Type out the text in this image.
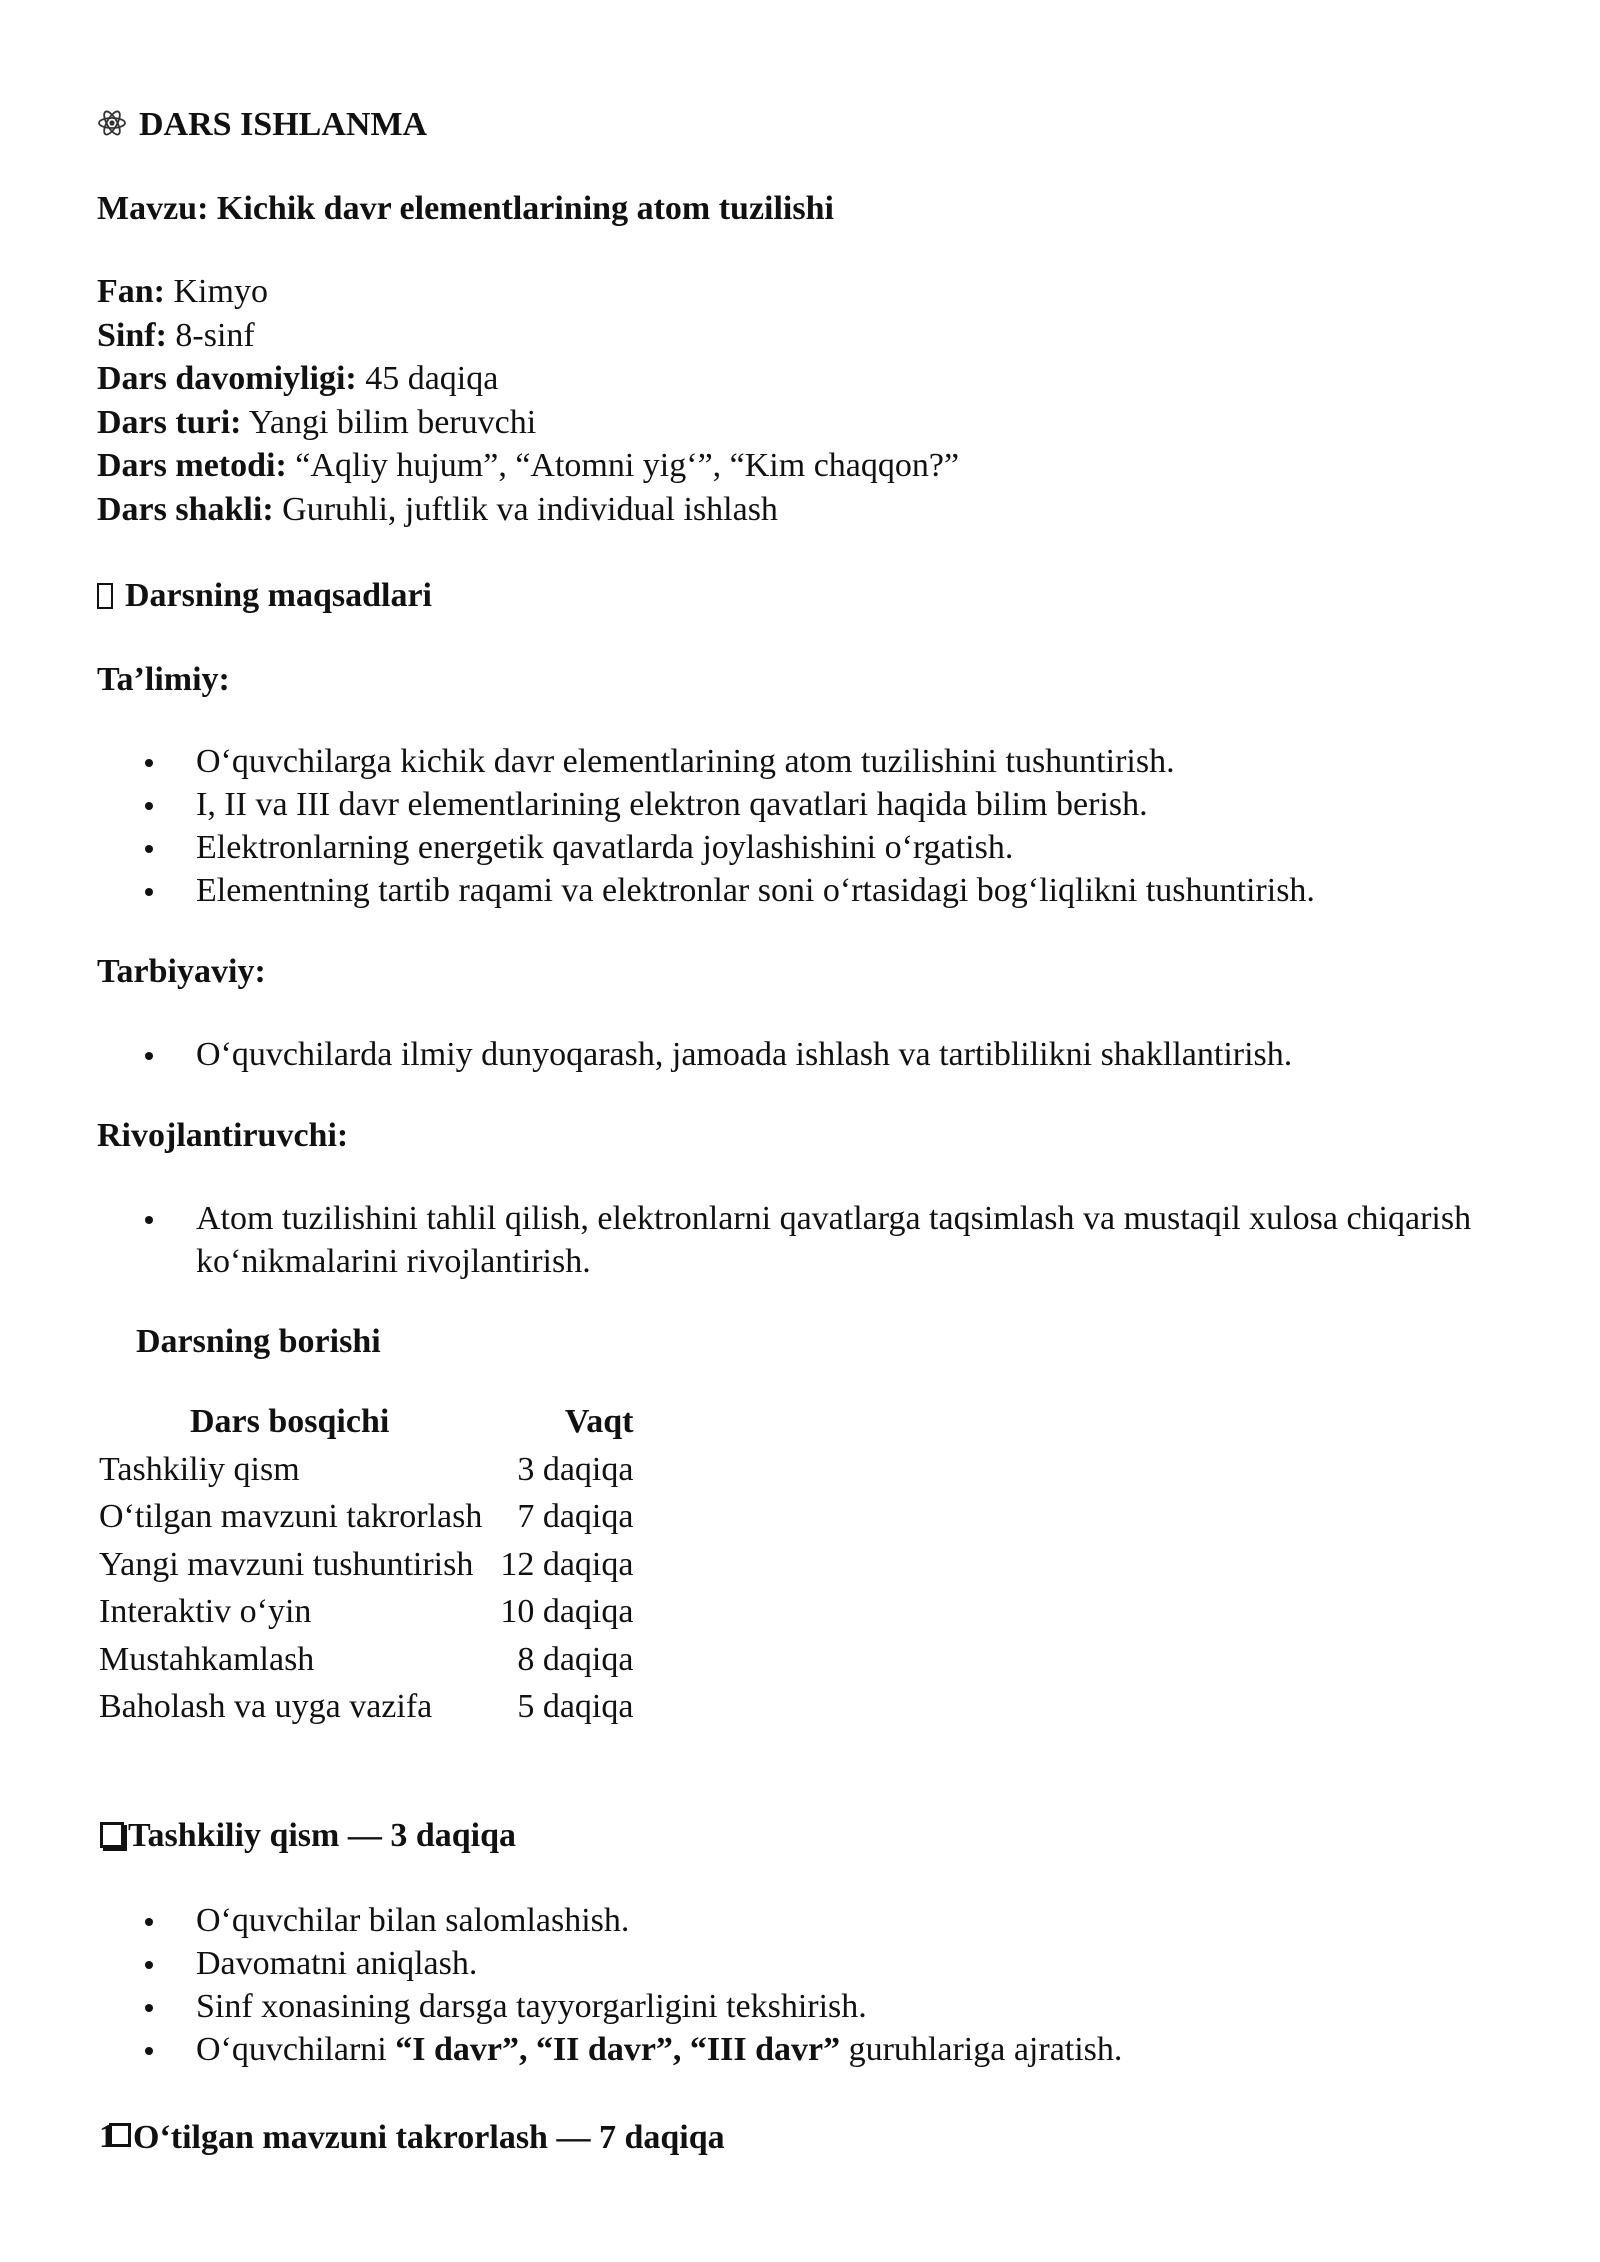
DARS ISHLANMA
Mavzu: Kichik davr elementlarining atom tuzilishi
Fan: Kimyo
Sinf: 8-sinf
Dars davomiyligi: 45 daqiqa
Dars turi: Yangi bilim beruvchi
Dars metodi: “Aqliy hujum”, “Atomni yig‘”, “Kim chaqqon?”
Dars shakli: Guruhli, juftlik va individual ishlash
Darsning maqsadlari
Ta’limiy:
O‘quvchilarga kichik davr elementlarining atom tuzilishini tushuntirish.
I, II va III davr elementlarining elektron qavatlari haqida bilim berish.
Elektronlarning energetik qavatlarda joylashishini o‘rgatish.
Elementning tartib raqami va elektronlar soni o‘rtasidagi bog‘liqlikni tushuntirish.
Tarbiyaviy:
O‘quvchilarda ilmiy dunyoqarash, jamoada ishlash va tartiblilikni shakllantirish.
Rivojlantiruvchi:
Atom tuzilishini tahlil qilish, elektronlarni qavatlarga taqsimlash va mustaqil xulosa chiqarish ko‘nikmalarini rivojlantirish.
Darsning borishi
Dars bosqichi	Vaqt
Tashkiliy qism	3 daqiqa
O‘tilgan mavzuni takrorlash	7 daqiqa
Yangi mavzuni tushuntirish	12 daqiqa
Interaktiv o‘yin	10 daqiqa
Mustahkamlash	8 daqiqa
Baholash va uyga vazifa	5 daqiqa
Tashkiliy qism — 3 daqiqa
O‘quvchilar bilan salomlashish.
Davomatni aniqlash.
Sinf xonasining darsga tayyorgarligini tekshirish.
O‘quvchilarni “I davr”, “II davr”, “III davr” guruhlariga ajratish.
1 O‘tilgan mavzuni takrorlash — 7 daqiqa
